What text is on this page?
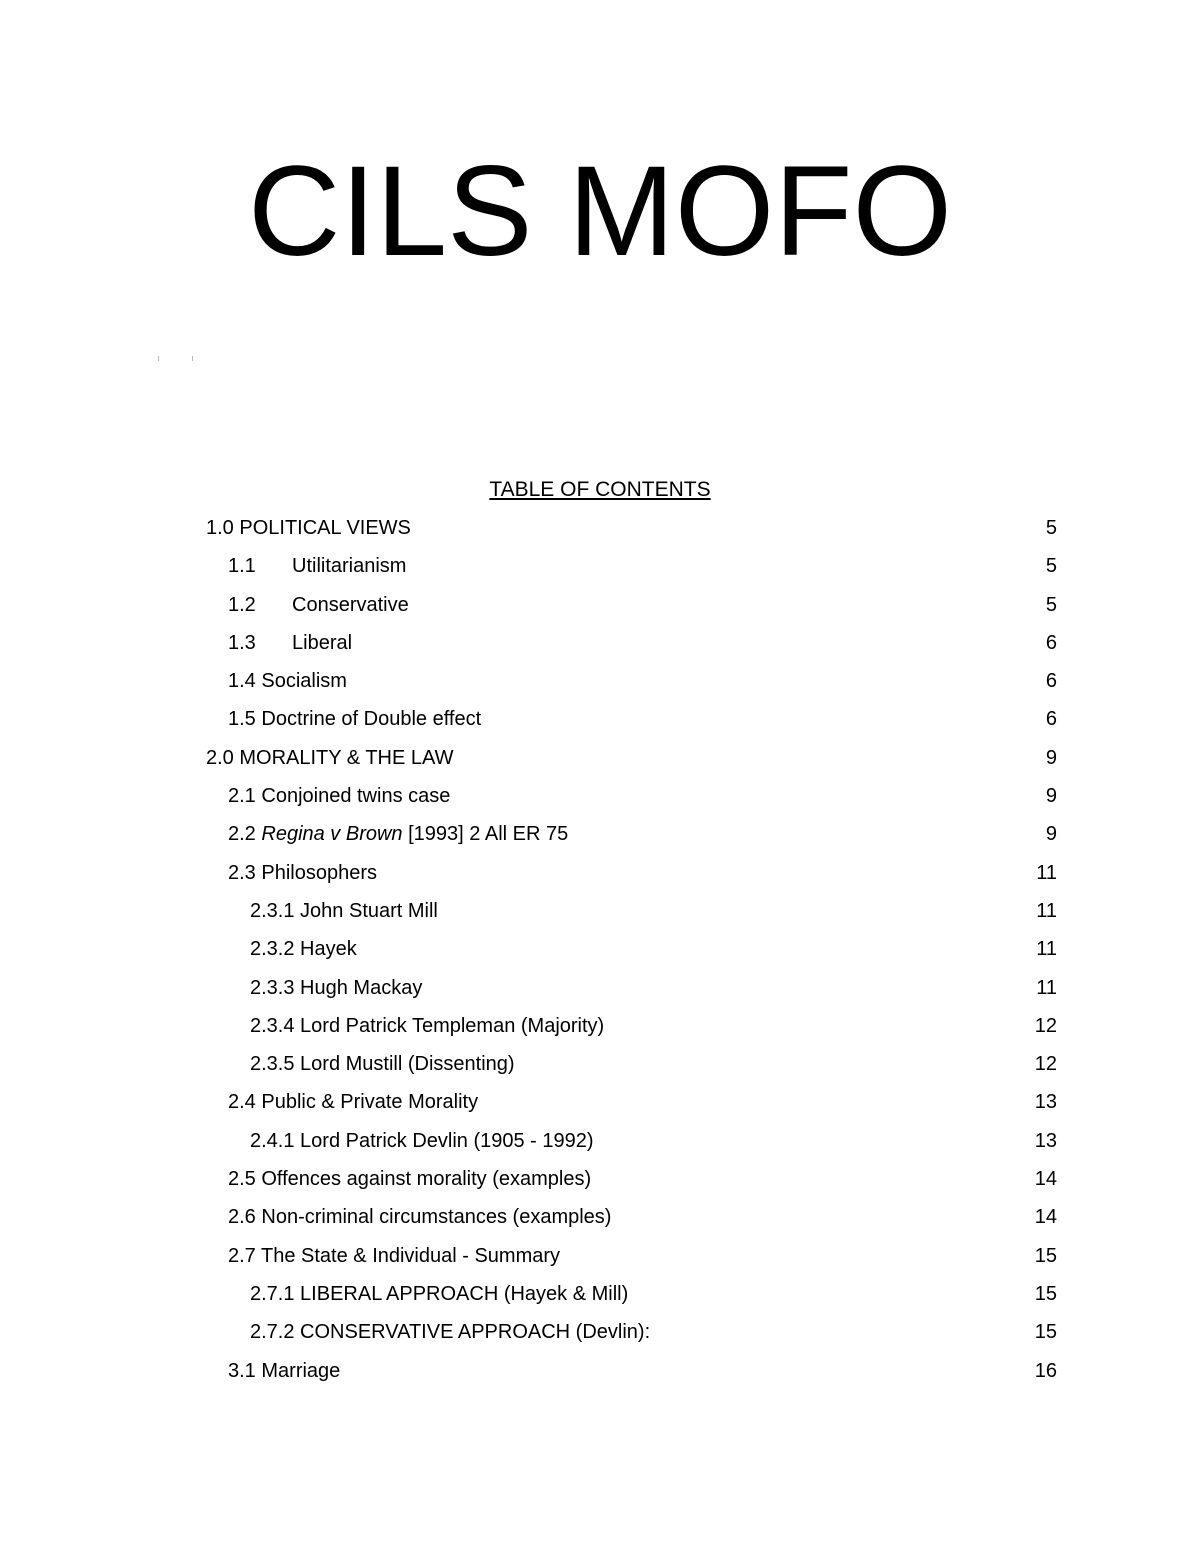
CILS MOFO
TABLE OF CONTENTS
1.0 POLITICAL VIEWS	5
1.1 Utilitarianism	5
1.2 Conservative	5
1.3 Liberal	6
1.4 Socialism	6
1.5 Doctrine of Double effect	6
2.0 MORALITY & THE LAW	9
2.1 Conjoined twins case	9
2.2 Regina v Brown [1993] 2 All ER 75	9
2.3 Philosophers	11
2.3.1 John Stuart Mill	11
2.3.2 Hayek	11
2.3.3 Hugh Mackay	11
2.3.4 Lord Patrick Templeman (Majority)	12
2.3.5 Lord Mustill (Dissenting)	12
2.4 Public & Private Morality	13
2.4.1 Lord Patrick Devlin (1905 - 1992)	13
2.5 Offences against morality (examples)	14
2.6 Non-criminal circumstances (examples)	14
2.7 The State & Individual - Summary	15
2.7.1 LIBERAL APPROACH (Hayek & Mill)	15
2.7.2 CONSERVATIVE APPROACH (Devlin):	15
3.1 Marriage	16
